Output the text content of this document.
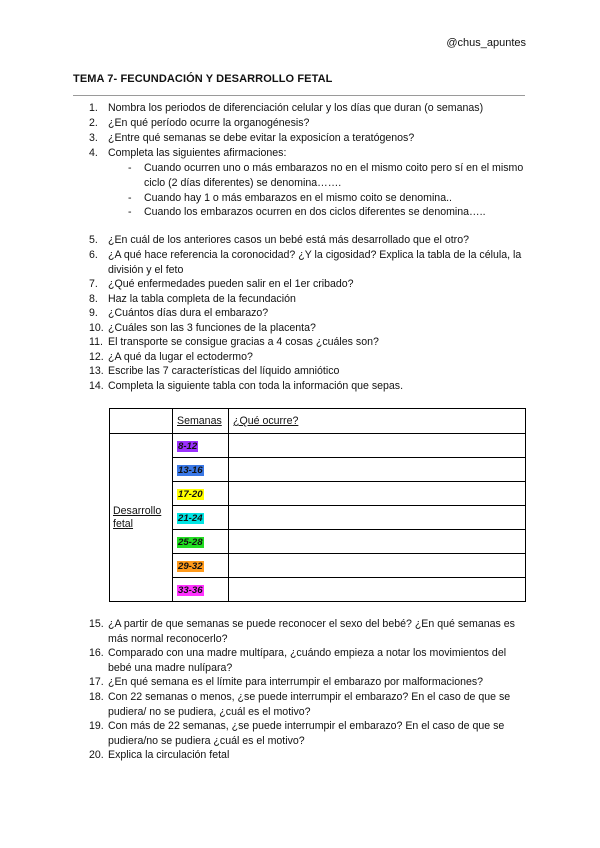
@chus_apuntes
TEMA 7- FECUNDACIÓN Y DESARROLLO FETAL
1. Nombra los periodos de diferenciación celular y los días que duran (o semanas)
2. ¿En qué período ocurre la organogénesis?
3. ¿Entre qué semanas se debe evitar la exposicíon a teratógenos?
4. Completa las siguientes afirmaciones:
- Cuando ocurren uno o más embarazos no en el mismo coito pero sí en el mismo ciclo (2 días diferentes) se denomina…….
- Cuando hay 1 o más embarazos en el mismo coito se denomina..
- Cuando los embarazos ocurren en dos ciclos diferentes se denomina…..
5. ¿En cuál de los anteriores casos un bebé está más desarrollado que el otro?
6. ¿A qué hace referencia la coronocidad? ¿Y la cigosidad? Explica la tabla de la célula, la división y el feto
7. ¿Qué enfermedades pueden salir en el 1er cribado?
8. Haz la tabla completa de la fecundación
9. ¿Cuántos días dura el embarazo?
10. ¿Cuáles son las 3 funciones de la placenta?
11. El transporte se consigue gracias a 4 cosas ¿cuáles son?
12. ¿A qué da lugar el ectodermo?
13. Escribe las 7 características del líquido amniótico
14. Completa la siguiente tabla con toda la información que sepas.
	Semanas	¿Qué ocurre?
Desarrollo fetal	8-12	
	13-16	
	17-20	
	21-24	
	25-28	
	29-32	
	33-36	
15. ¿A partir de que semanas se puede reconocer el sexo del bebé? ¿En qué semanas es más normal reconocerlo?
16. Comparado con una madre multípara, ¿cuándo empieza a notar los movimientos del bebé una madre nulípara?
17. ¿En qué semana es el límite para interrumpir el embarazo por malformaciones?
18. Con 22 semanas o menos, ¿se puede interrumpir el embarazo? En el caso de que se pudiera/ no se pudiera, ¿cuál es el motivo?
19. Con más de 22 semanas, ¿se puede interrumpir el embarazo? En el caso de que se pudiera/no se pudiera ¿cuál es el motivo?
20. Explica la circulación fetal
